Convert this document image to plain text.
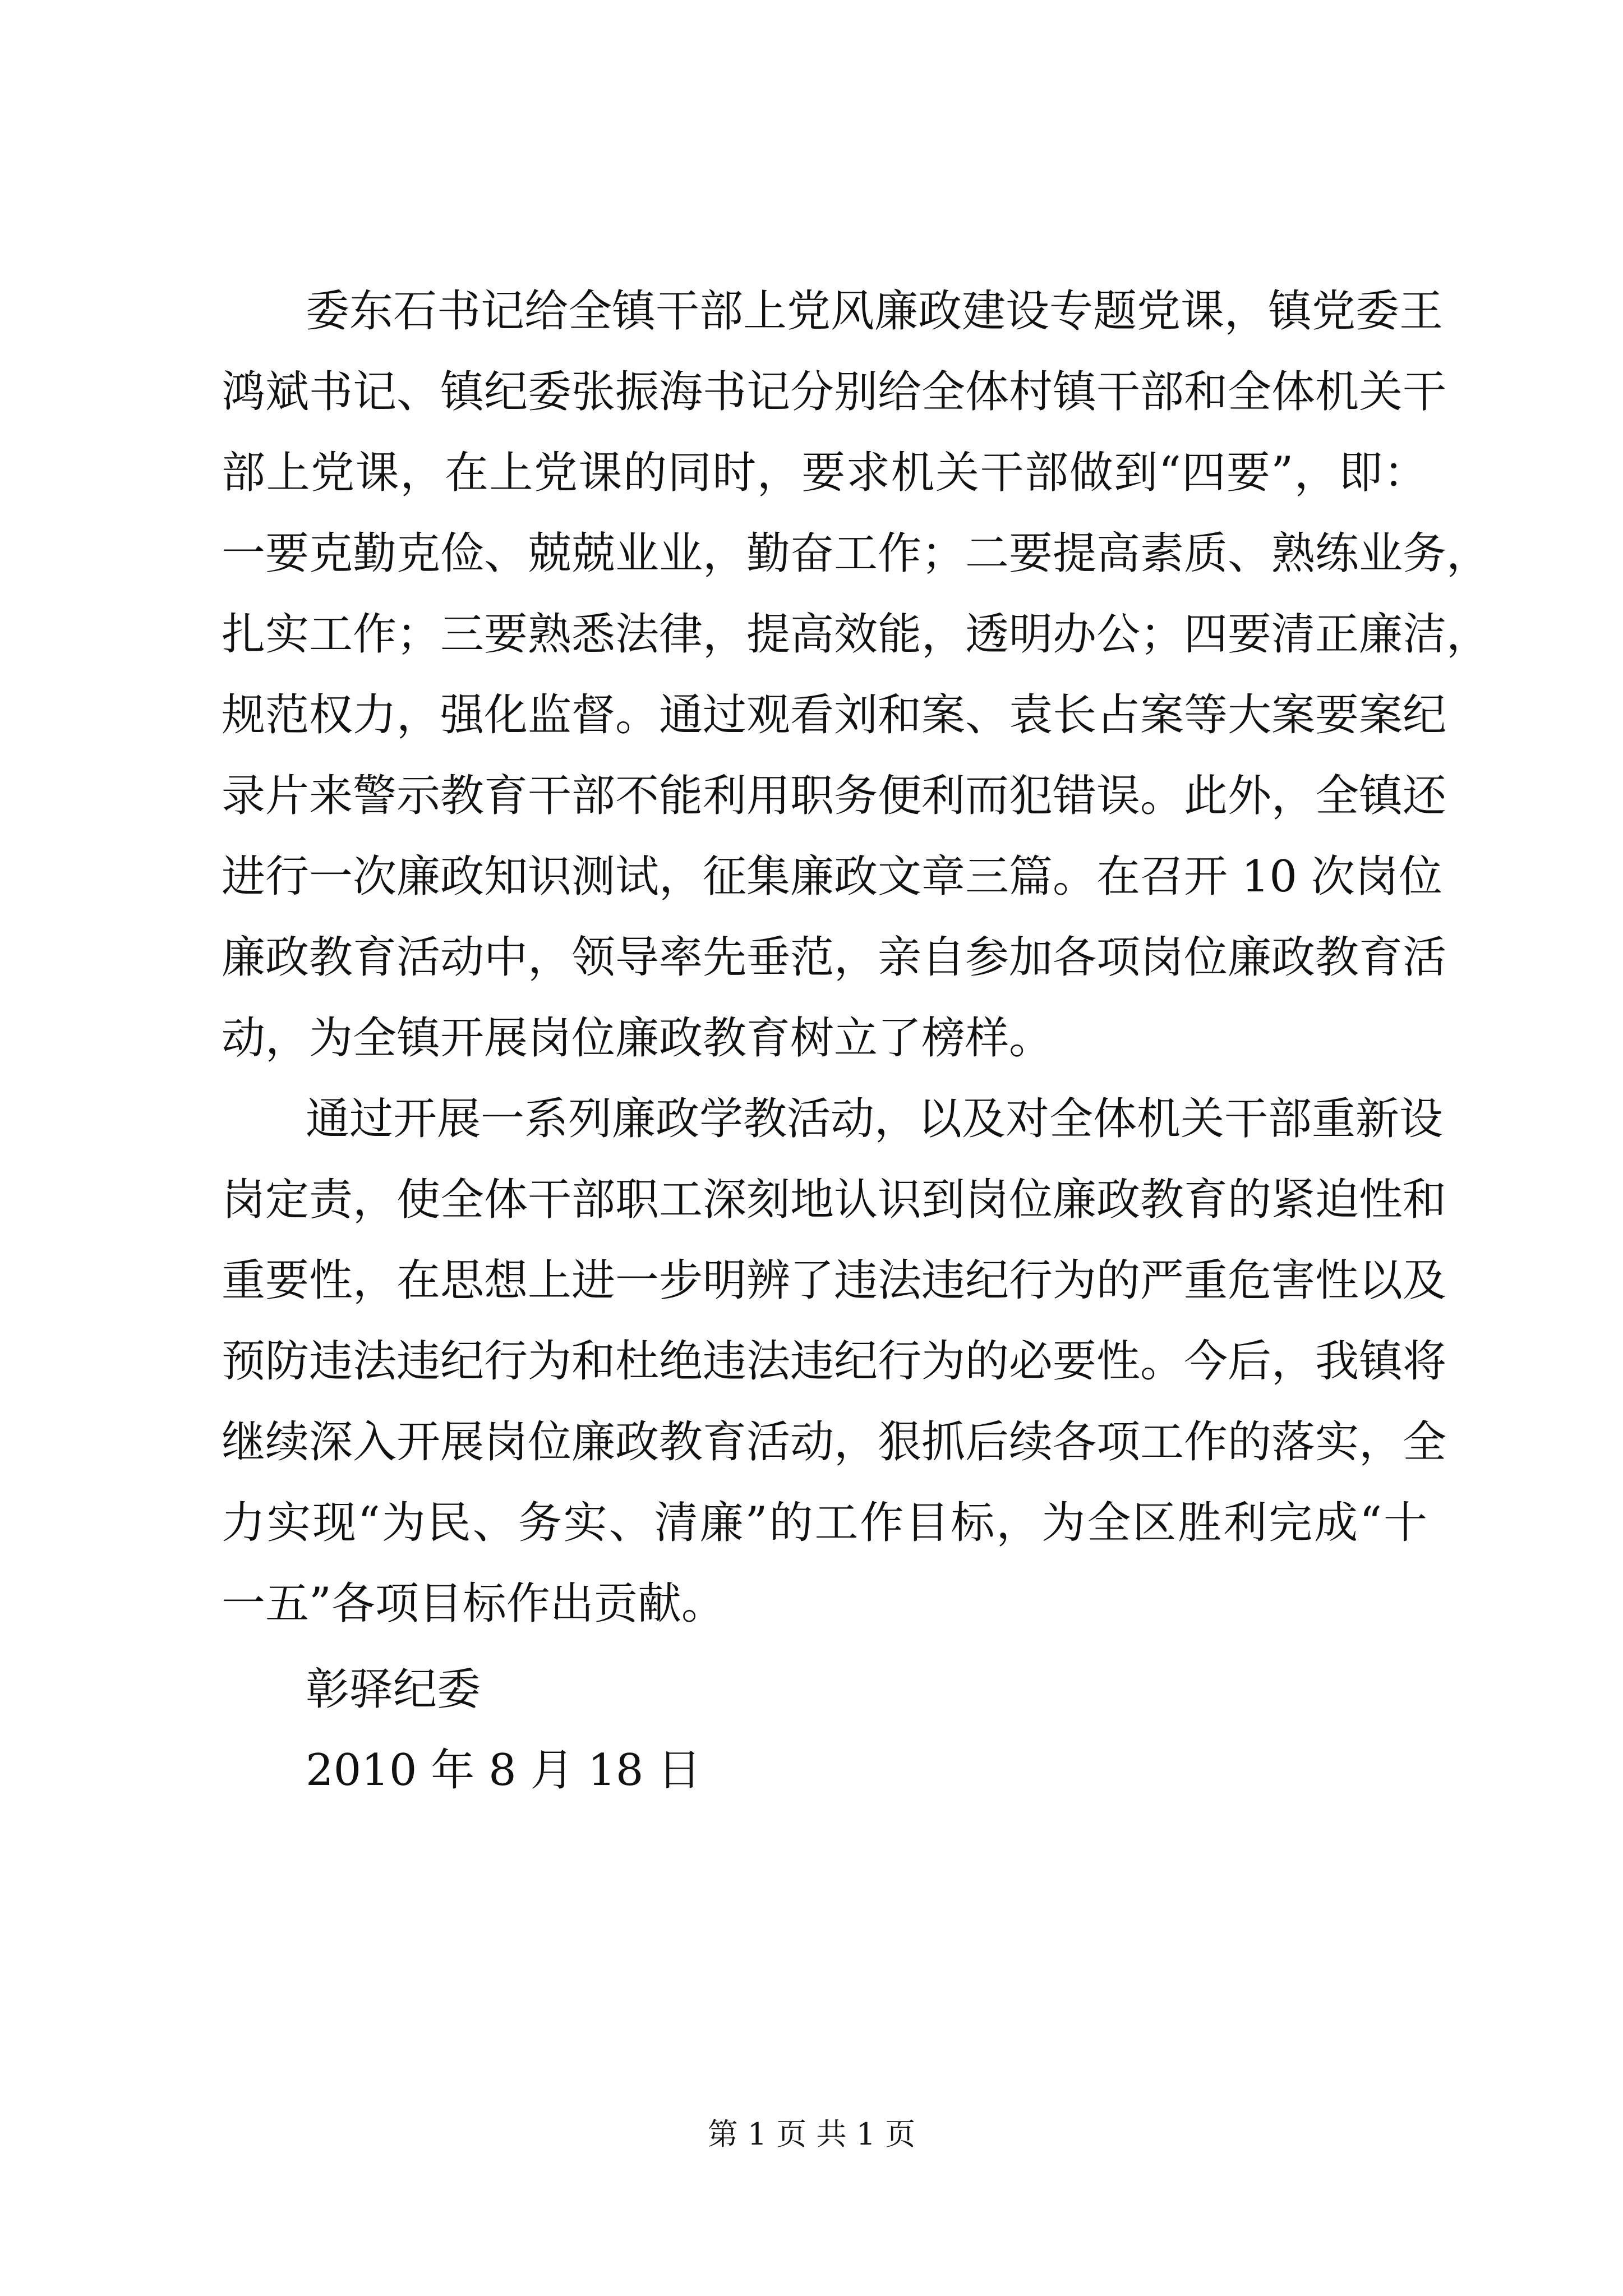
委东石书记给全镇干部上党风廉政建设专题党课，镇党委王
鸿斌书记、镇纪委张振海书记分别给全体村镇干部和全体机关干
部上党课，在上党课的同时，要求机关干部做到“四要”，即：
一要克勤克俭、兢兢业业，勤奋工作；二要提高素质、熟练业务，
扎实工作；三要熟悉法律，提高效能，透明办公；四要清正廉洁，
规范权力，强化监督。通过观看刘和案、袁长占案等大案要案纪
录片来警示教育干部不能利用职务便利而犯错误。此外，全镇还
进行一次廉政知识测试，征集廉政文章三篇。在召开 10 次岗位
廉政教育活动中，领导率先垂范，亲自参加各项岗位廉政教育活
动，为全镇开展岗位廉政教育树立了榜样。
通过开展一系列廉政学教活动，以及对全体机关干部重新设
岗定责，使全体干部职工深刻地认识到岗位廉政教育的紧迫性和
重要性，在思想上进一步明辨了违法违纪行为的严重危害性以及
预防违法违纪行为和杜绝违法违纪行为的必要性。今后，我镇将
继续深入开展岗位廉政教育活动，狠抓后续各项工作的落实，全
力实现“为民、务实、清廉”的工作目标，为全区胜利完成“十
一五”各项目标作出贡献。
彰驿纪委
2010 年 8 月 18 日
第 1 页 共 1 页
